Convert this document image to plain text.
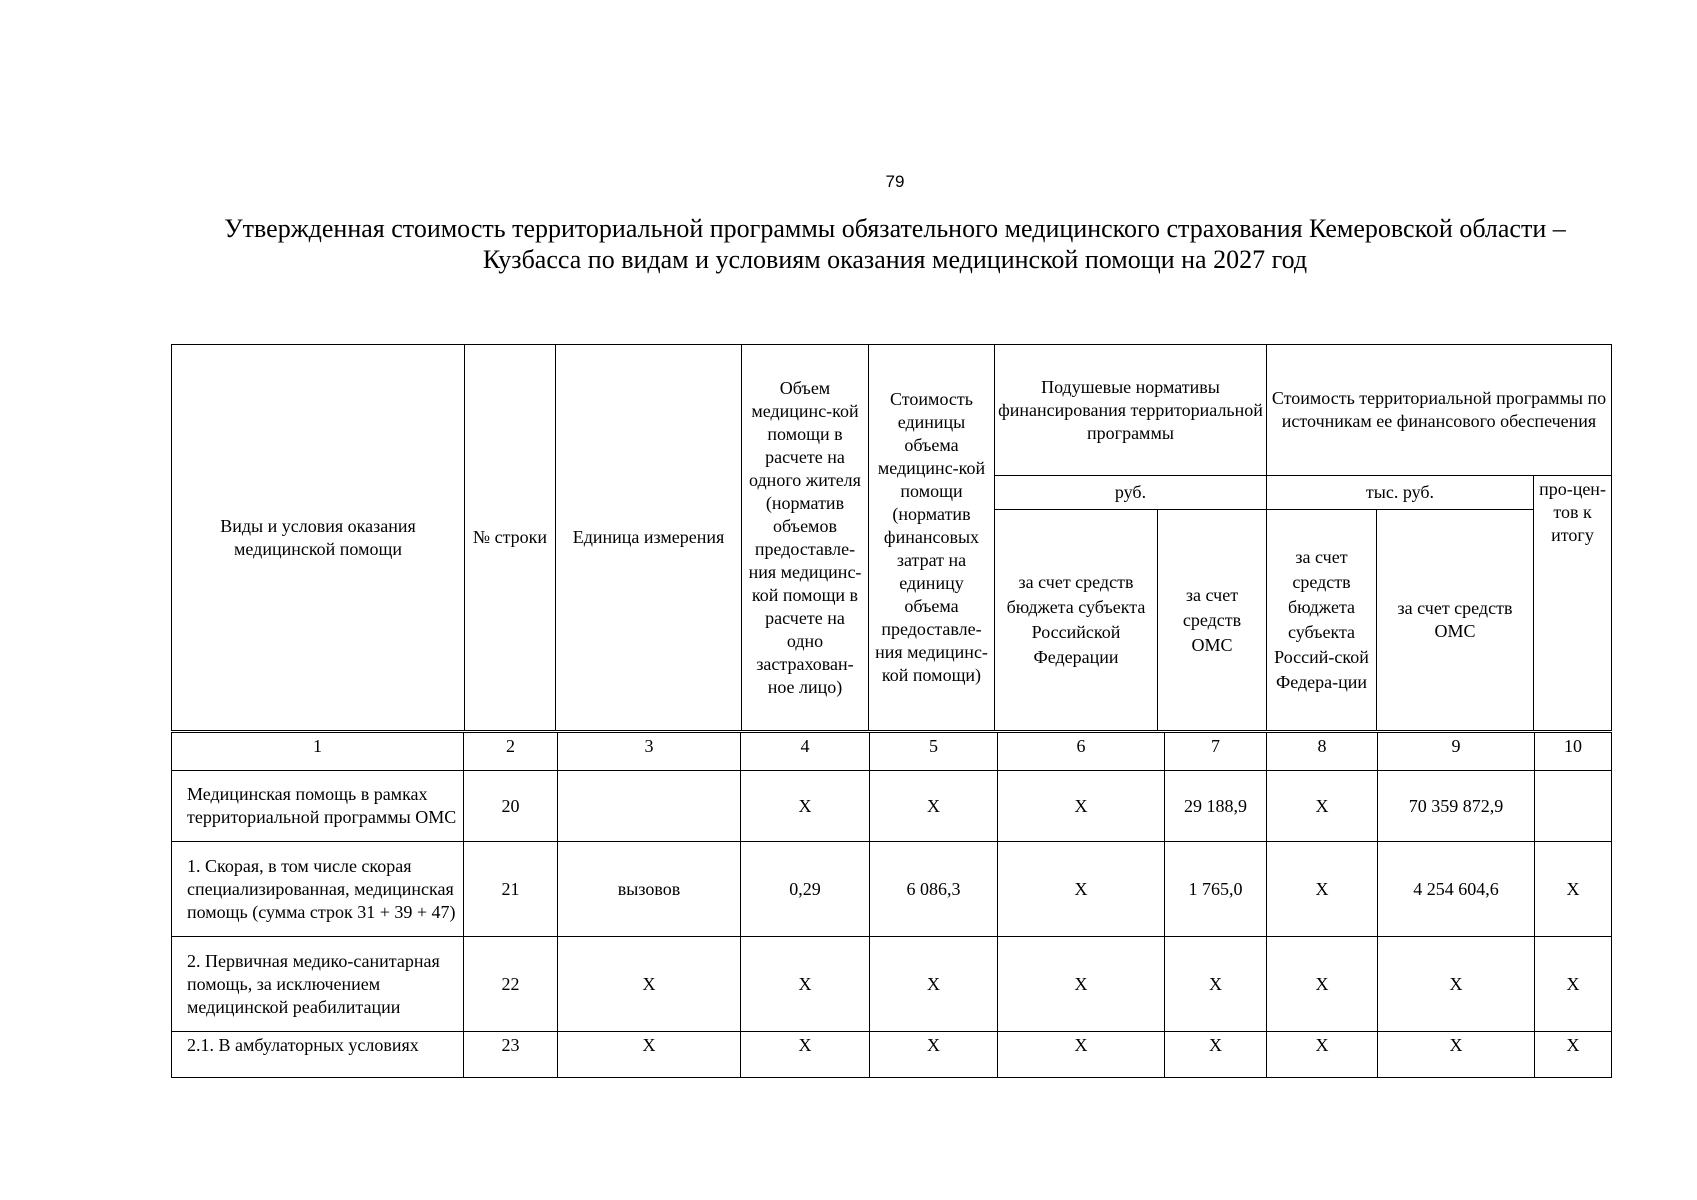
79
Утвержденная стоимость территориальной программы обязательного медицинского страхования Кемеровской области – Кузбасса по видам и условиям оказания медицинской помощи на 2027 год
Виды и условия оказания медицинской помощи	№ строки	Единица измерения	Объем медицинс-кой помощи в расчете на одного жителя (норматив объемов предоставле-ния медицинс-кой помощи в расчете на одно застрахован-ное лицо)	Стоимость единицы объема медицинс-кой помощи (норматив финансовых затрат на единицу объема предоставле-ния медицинс-кой помощи)	Подушевые нормативы финансирования территориальной программы		Стоимость территориальной программы по источникам ее финансового обеспечения		
					руб.		тыс. руб.		про-цен-тов к итогу
					за счет средств бюджета субъекта Российской Федерации	за счет средств ОМС	за счет средств бюджета субъекта Россий-ской Федера-ции	за счет средств ОМС	
1	2	3	4	5	6	7	8	9	10
Медицинская помощь в рамках территориальной программы ОМС	20		X	X	X	29 188,9	X	70 359 872,9	
1. Скорая, в том числе скорая специализированная, медицинская помощь (сумма строк 31 + 39 + 47)	21	вызовов	0,29	6 086,3	X	1 765,0	X	4 254 604,6	X
2. Первичная медико-санитарная помощь, за исключением медицинской реабилитации	22	X	X	X	X	X	X	X	X
2.1. В амбулаторных условиях	23	X	X	X	X	X	X	X	X
